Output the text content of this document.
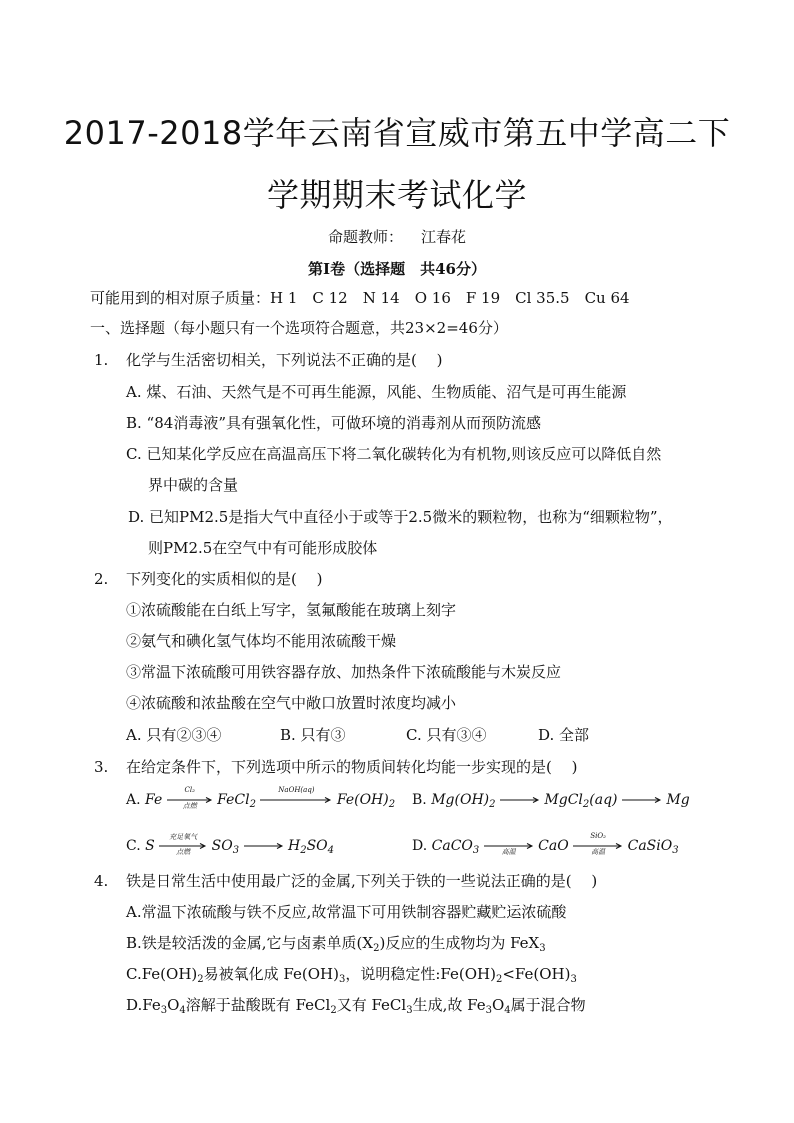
2017-2018学年云南省宣威市第五中学高二下
学期期末考试化学
命题教师： 江春花
第Ⅰ卷（选择题　共46分）
可能用到的相对原子质量：H 1　C 12　N 14　O 16　F 19　Cl 35.5　Cu 64
一、选择题（每小题只有一个选项符合题意，共23×2=46分）
1. 化学与生活密切相关，下列说法不正确的是(　 )
A. 煤、石油、天然气是不可再生能源，风能、生物质能、沼气是可再生能源
B. “84消毒液”具有强氧化性，可做环境的消毒剂从而预防流感
C. 已知某化学反应在高温高压下将二氧化碳转化为有机物,则该反应可以降低自然
界中碳的含量
D. 已知PM2.5是指大气中直径小于或等于2.5微米的颗粒物，也称为“细颗粒物”，
则PM2.5在空气中有可能形成胶体
2. 下列变化的实质相似的是(　 )
①浓硫酸能在白纸上写字，氢氟酸能在玻璃上刻字
②氨气和碘化氢气体均不能用浓硫酸干燥
③常温下浓硫酸可用铁容器存放、加热条件下浓硫酸能与木炭反应
④浓硫酸和浓盐酸在空气中敞口放置时浓度均减小
A. 只有②③④	B. 只有③	C. 只有③④	D. 全部
3. 在给定条件下，下列选项中所示的物质间转化均能一步实现的是(　 )
A. Fe
Cl₂
点燃	FeCl$_2$
NaOH(aq)
$Fe(OH)_2$ B. $Mg(OH)_2$	MgCl$_2$(aq)	Mg
C. S
充足氧气
点燃	$SO_3$	$H_2SO_4$	D. CaCO$_3$	高温	CaO
SiO₂
高温	CaSiO$_3$
4. 铁是日常生活中使用最广泛的金属,下列关于铁的一些说法正确的是(　 )
A.常温下浓硫酸与铁不反应,故常温下可用铁制容器贮藏贮运浓硫酸
B.铁是较活泼的金属,它与卤素单质$(X_2)$反应的生成物均为 FeX$_3$
$C.Fe(OH)_2$易被氧化成 $Fe(OH)_3$，说明稳定性$:Fe(OH)_2<Fe(OH)_3$
$D.Fe_3O_4$溶解于盐酸既有 FeCl$_2$又有 FeCl$_3$生成,故 $Fe_3O_4$属于混合物
